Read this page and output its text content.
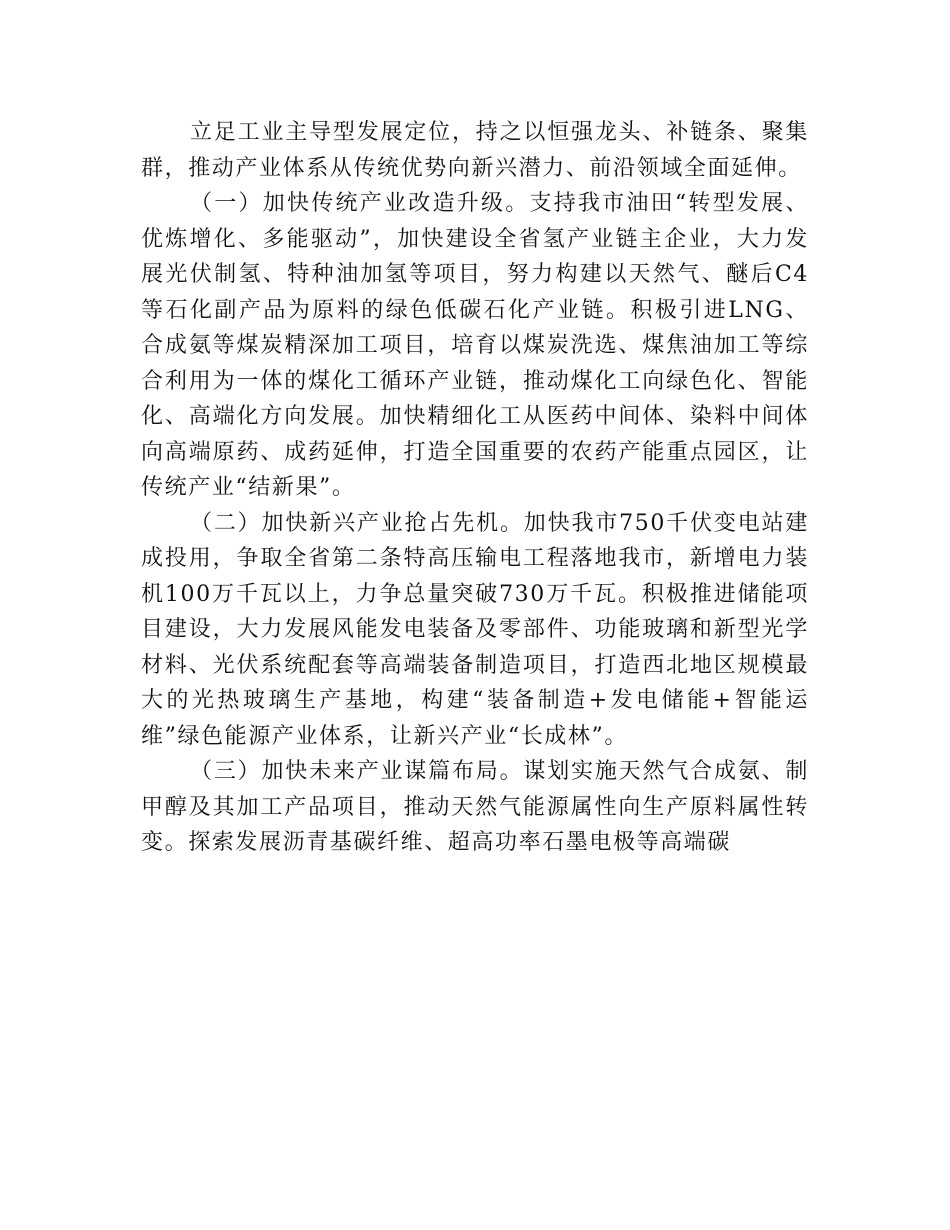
立足工业主导型发展定位，持之以恒强龙头、补链条、聚集群，推动产业体系从传统优势向新兴潜力、前沿领域全面延伸。

（一）加快传统产业改造升级。支持我市油田“转型发展、优炼增化、多能驱动”，加快建设全省氢产业链主企业，大力发展光伏制氢、特种油加氢等项目，努力构建以天然气、醚后C4等石化副产品为原料的绿色低碳石化产业链。积极引进LNG、合成氨等煤炭精深加工项目，培育以煤炭洗选、煤焦油加工等综合利用为一体的煤化工循环产业链，推动煤化工向绿色化、智能化、高端化方向发展。加快精细化工从医药中间体、染料中间体向高端原药、成药延伸，打造全国重要的农药产能重点园区，让传统产业“结新果”。

（二）加快新兴产业抢占先机。加快我市750千伏变电站建成投用，争取全省第二条特高压输电工程落地我市，新增电力装机100万千瓦以上，力争总量突破730万千瓦。积极推进储能项目建设，大力发展风能发电装备及零部件、功能玻璃和新型光学材料、光伏系统配套等高端装备制造项目，打造西北地区规模最大的光热玻璃生产基地，构建“装备制造+发电储能+智能运维”绿色能源产业体系，让新兴产业“长成林”。

（三）加快未来产业谋篇布局。谋划实施天然气合成氨、制甲醇及其加工产品项目，推动天然气能源属性向生产原料属性转变。探索发展沥青基碳纤维、超高功率石墨电极等高端碳
